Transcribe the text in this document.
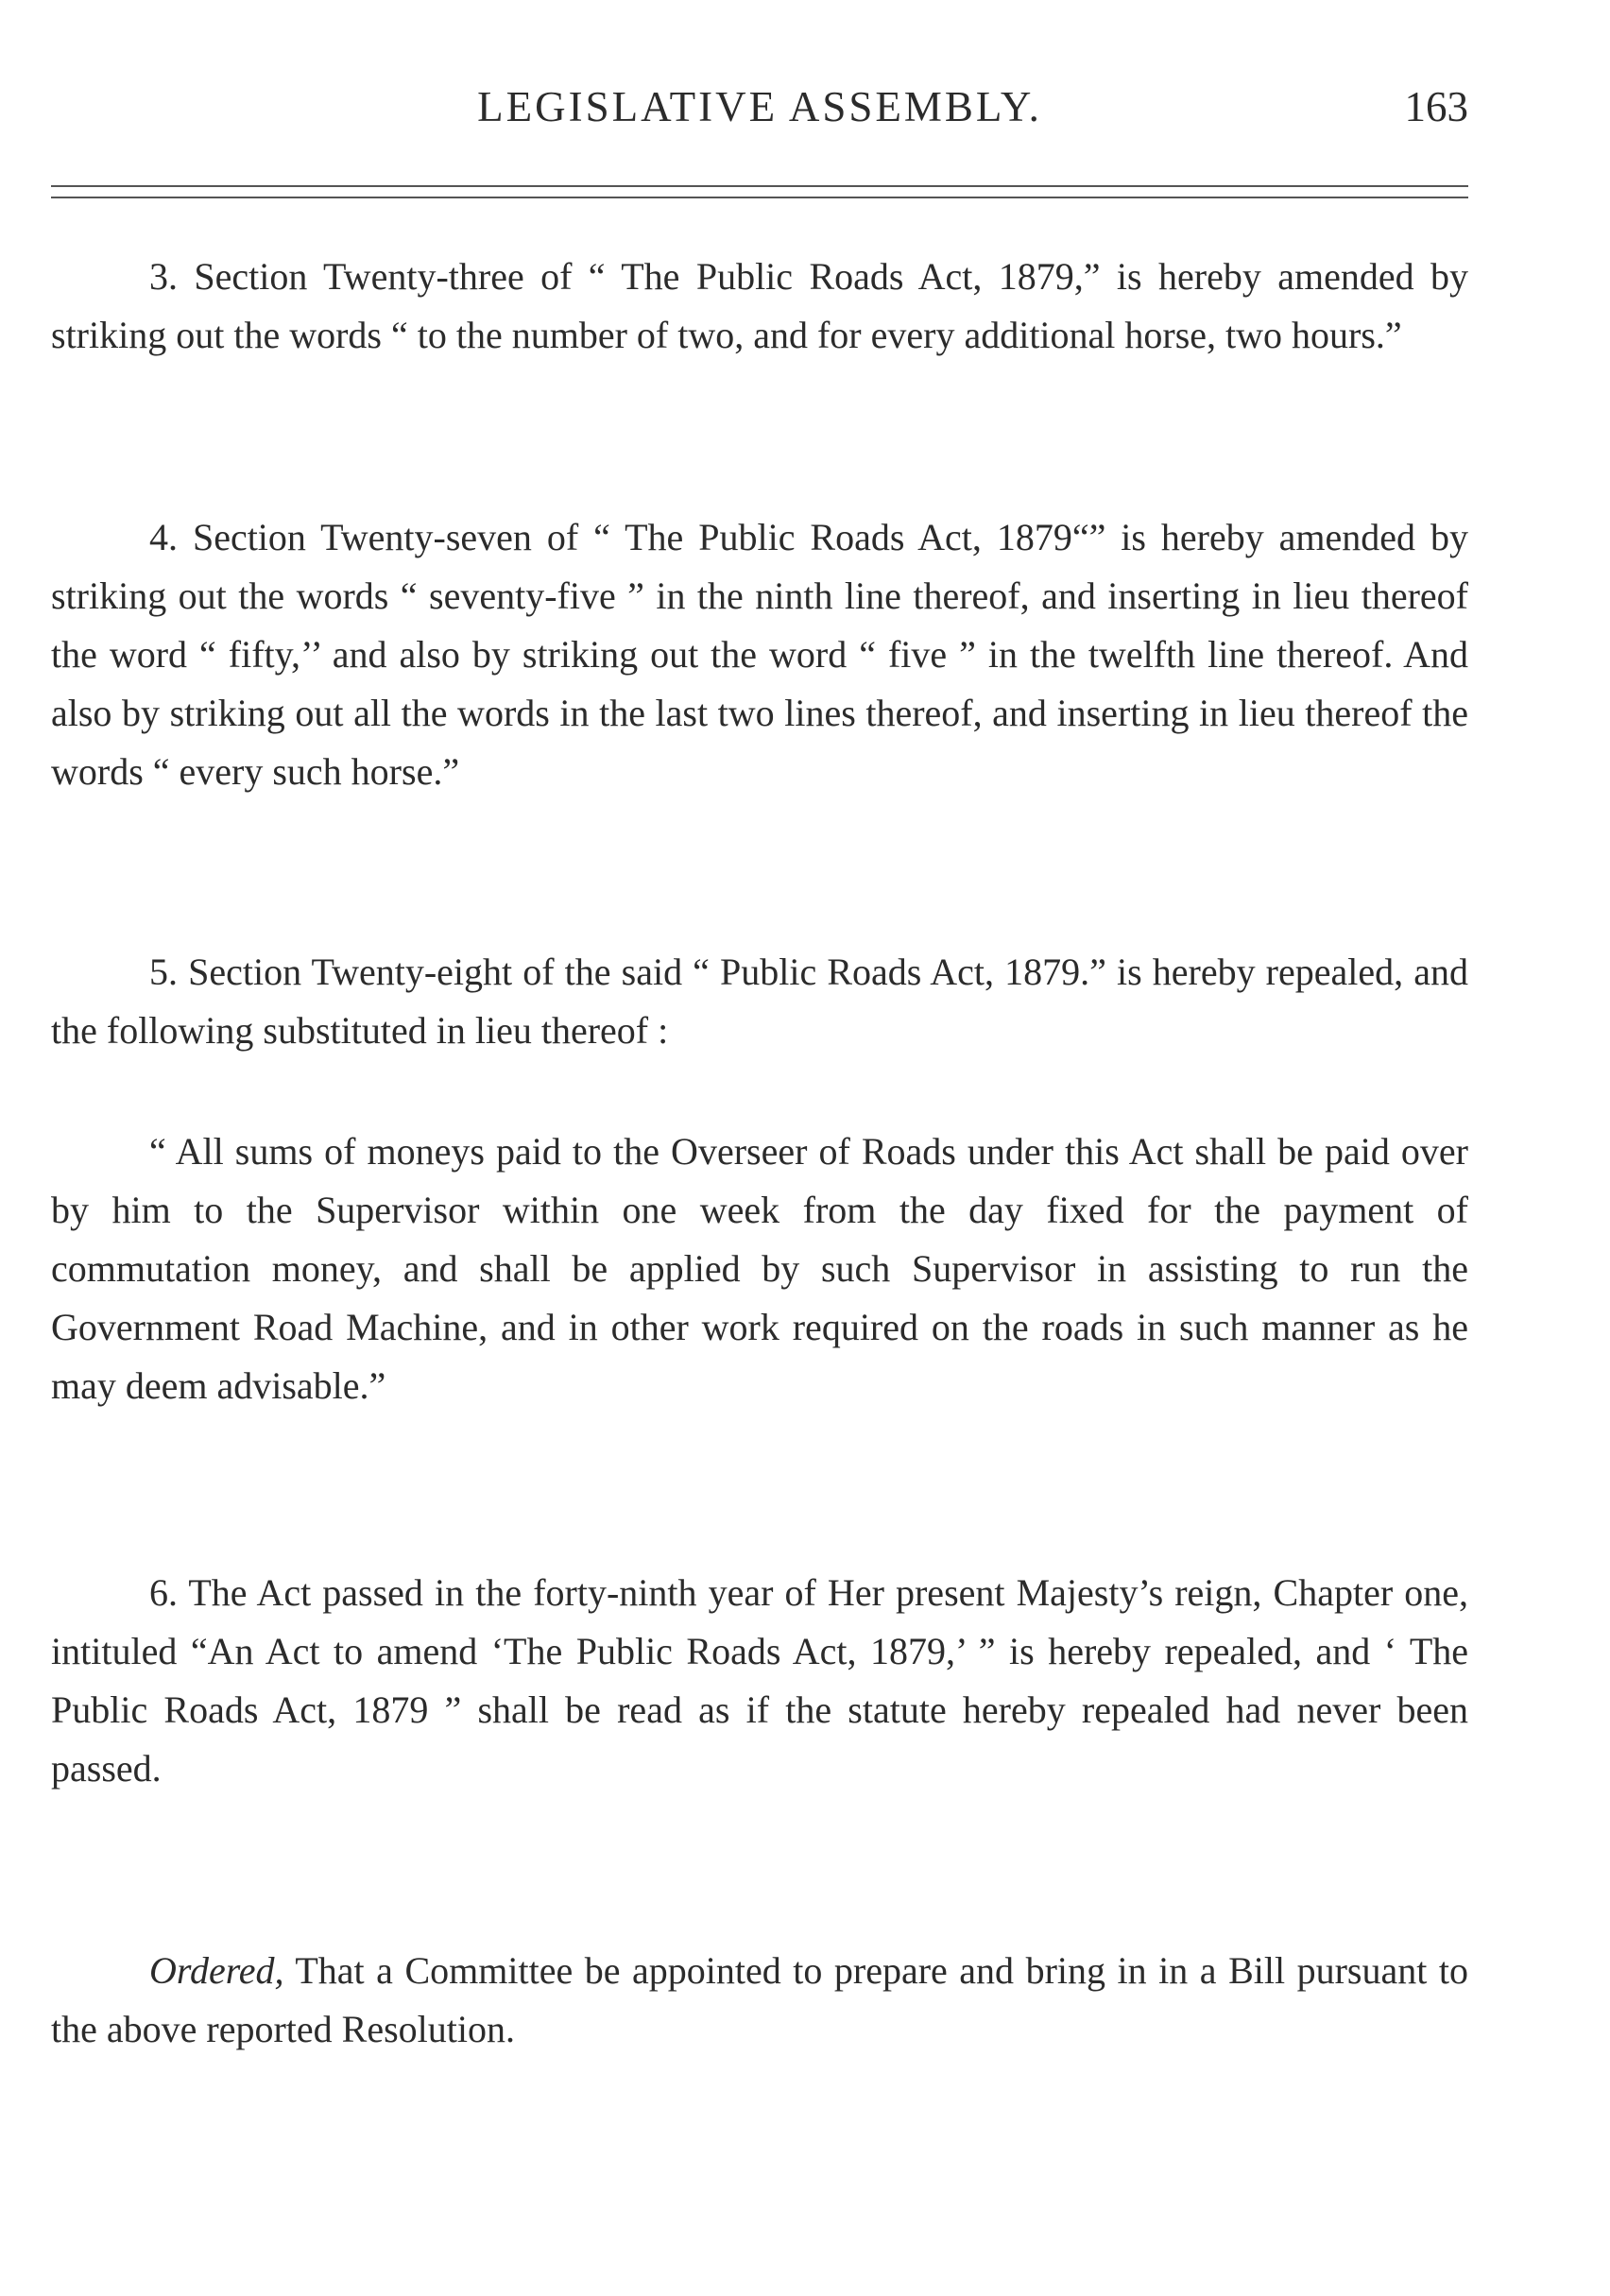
LEGISLATIVE ASSEMBLY.	163

3. Section Twenty-three of “ The Public Roads Act, 1879,” is hereby amended by striking out the words “ to the number of two, and for every additional horse, two hours.”

4. Section Twenty-seven of “ The Public Roads Act, 1879“” is hereby amended by striking out the words “ seventy-five ” in the ninth line thereof, and inserting in lieu thereof the word “ fifty,’’ and also by striking out the word “ five ” in the twelfth line thereof. And also by striking out all the words in the last two lines thereof, and inserting in lieu thereof the words “ every such horse.”

5. Section Twenty-eight of the said “ Public Roads Act, 1879.” is hereby repealed, and the following substituted in lieu thereof :

“ All sums of moneys paid to the Overseer of Roads under this Act shall be paid over by him to the Supervisor within one week from the day fixed for the payment of commutation money, and shall be applied by such Supervisor in assisting to run the Government Road Machine, and in other work required on the roads in such manner as he may deem advisable.”

6. The Act passed in the forty-ninth year of Her present Majesty’s reign, Chapter one, intituled “An Act to amend ‘The Public Roads Act, 1879,’ ” is hereby repealed, and ‘ The Public Roads Act, 1879 ” shall be read as if the statute hereby repealed had never been passed.

Ordered, That a Committee be appointed to prepare and bring in in a Bill pursuant to the above reported Resolution.
